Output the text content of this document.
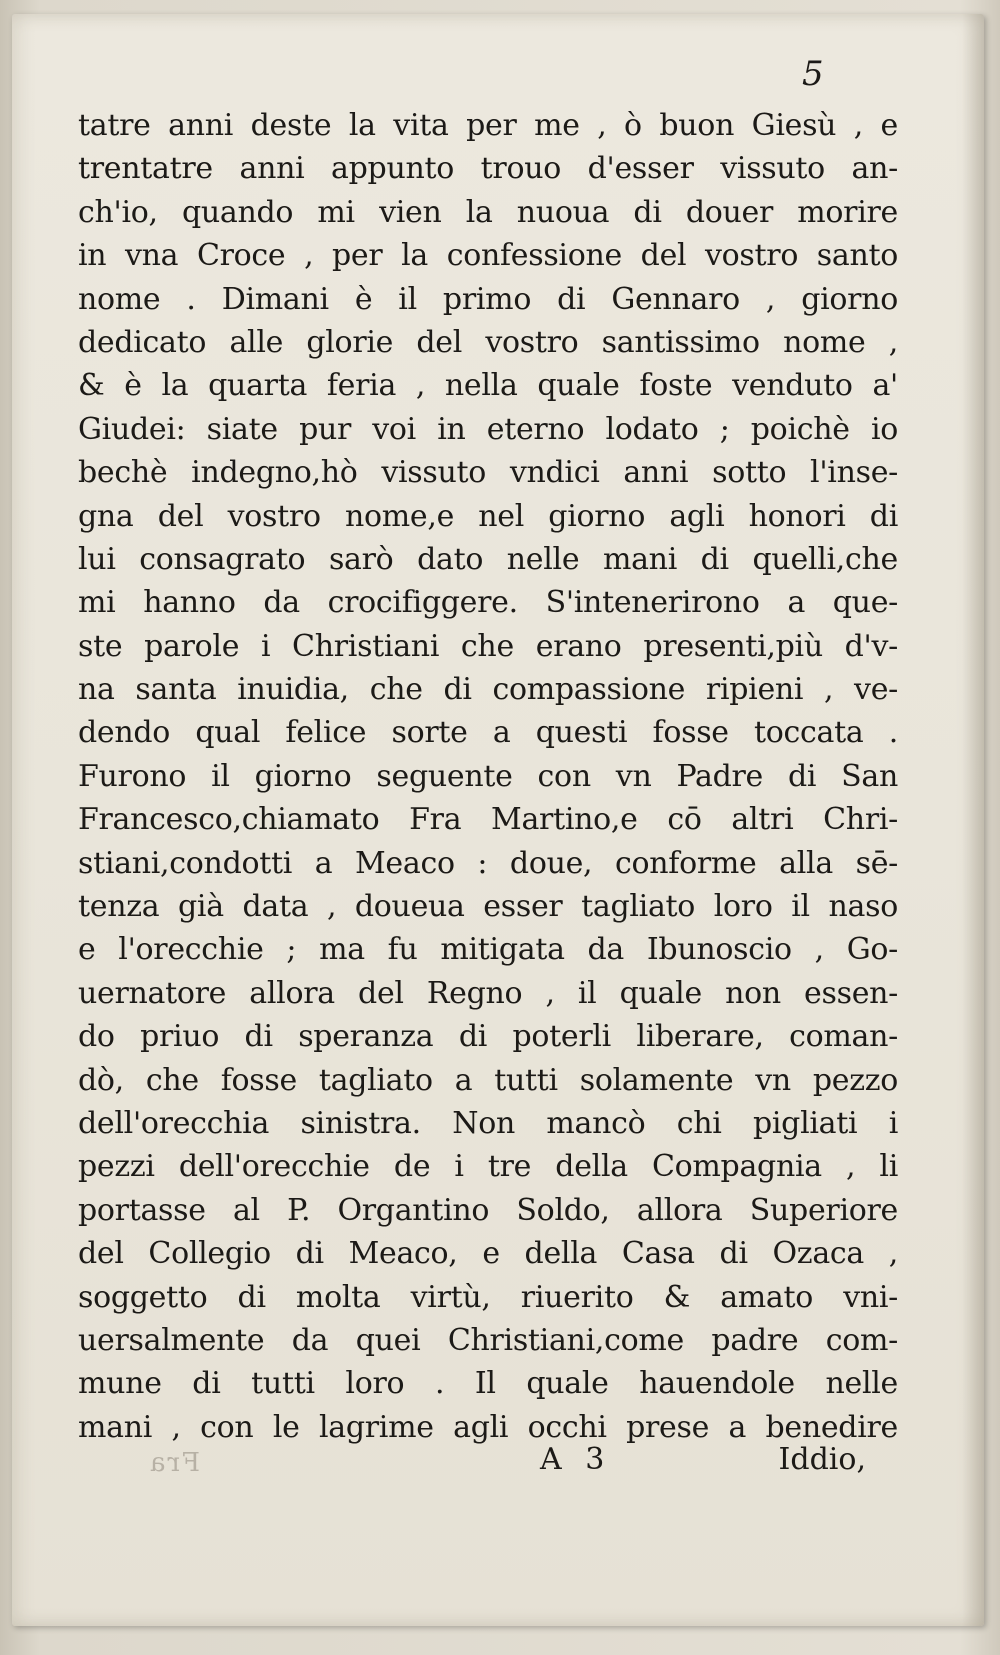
5
tatre anni deste la vita per me , ò buon Giesù , e
trentatre anni appunto trouo d'esser vissuto an-
ch'io, quando mi vien la nuoua di douer morire
in vna Croce , per la confessione del vostro santo
nome . Dimani è il primo di Gennaro , giorno
dedicato alle glorie del vostro santissimo nome ,
& è la quarta feria , nella quale foste venduto a'
Giudei: siate pur voi in eterno lodato ; poichè io
bechè indegno,hò vissuto vndici anni sotto l'inse-
gna del vostro nome,e nel giorno agli honori di
lui consagrato sarò dato nelle mani di quelli,che
mi hanno da crocifiggere. S'intenerirono a que-
ste parole i Christiani che erano presenti,più d'v-
na santa inuidia, che di compassione ripieni , ve-
dendo qual felice sorte a questi fosse toccata .
Furono il giorno seguente con vn Padre di San
Francesco,chiamato Fra Martino,e cō altri Chri-
stiani,condotti a Meaco : doue, conforme alla sē-
tenza già data , doueua esser tagliato loro il naso
e l'orecchie ; ma fu mitigata da Ibunoscio , Go-
uernatore allora del Regno , il quale non essen-
do priuo di speranza di poterli liberare, coman-
dò, che fosse tagliato a tutti solamente vn pezzo
dell'orecchia sinistra. Non mancò chi pigliati i
pezzi dell'orecchie de i tre della Compagnia , li
portasse al P. Organtino Soldo, allora Superiore
del Collegio di Meaco, e della Casa di Ozaca ,
soggetto di molta virtù, riuerito & amato vni-
uersalmente da quei Christiani,come padre com-
mune di tutti loro . Il quale hauendole nelle
mani , con le lagrime agli occhi prese a benedire
Fra	A 3	Iddio,
